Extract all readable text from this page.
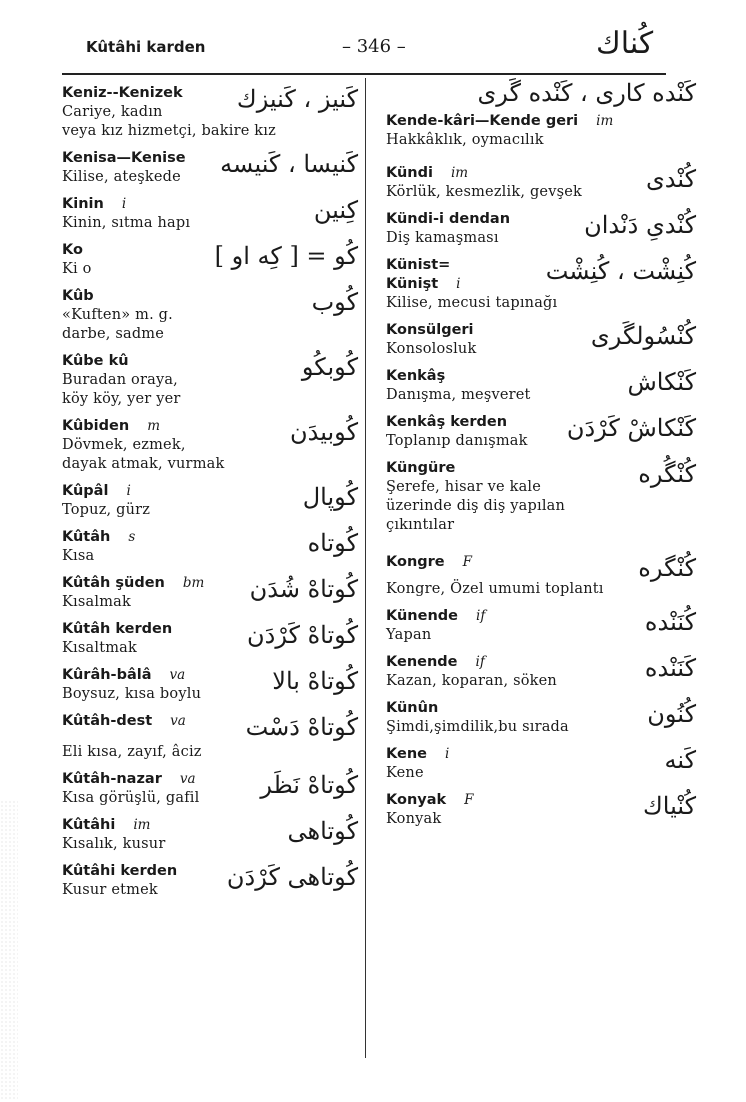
Kûtâhi karden	– 346 –	کُناك
Keniz--Kenizek
Cariye, kadın
veya kız hizmetçi, bakire kız
کَنیز ، کَنیزك
Kenisa—Kenise
Kilise, ateşkede	کَنیسا ، کَنیسه
Kinin i
Kinin, sıtma hapı	کِنین
Ko
Ki o	کُو = [ کِه او ]
Kûb
«Kuften» m. g.
darbe, sadme
کُوب
Kûbe kû
Buradan oraya,
köy köy, yer yer
کُوبکُو
Kûbiden m
Dövmek, ezmek,
dayak atmak, vurmak
کُوبیدَن
Kûpâl i
Topuz, gürz	کُوپال
Kûtâh s
Kısa	کُوتاه
Kûtâh şüden bm
Kısalmak	کُوتاهْ شُدَن
Kûtâh kerden
Kısaltmak	کُوتاهْ کَرْدَن
Kûrâh-bâlâ va
Boysuz, kısa boylu	کُوتاهْ بالا
Kûtâh-dest va
Eli kısa, zayıf, âciz
کُوتاهْ دَسْت
Kûtâh-nazar va
Kısa görüşlü, gafil	کُوتاهْ نَظَر
Kûtâhi im
Kısalık, kusur	کُوتاهی
Kûtâhi kerden
Kusur etmek	کُوتاهی کَرْدَن
Kende-kâri—Kende geri im
Hakkâklık, oymacılık
کَنْده کاری ، کَنْده گَری
Kündi im
Körlük, kesmezlik, gevşek	کُنْدی
Kündi-i dendan
Diş kamaşması	کُنْدیِ دَنْدان
Künist=	کُنِشْت ، کُنِشْت
Künişt i
Kilise, mecusi tapınağı
Konsülgeri
Konsolosluk	کُنْسُولگَری
Kenkâş
Danışma, meşveret	کَنْکاش
Kenkâş kerden
Toplanıp danışmak	کَنْکاشْ کَرْدَن
Küngüre
Şerefe, hisar ve kale
üzerinde diş diş yapılan
çıkıntılar
کُنْگُره
Kongre F
Kongre, Özel umumi toplantı
کُنْگره
Künende if
Yapan	کُنَنْده
Kenende if
Kazan, koparan, söken	کَنَنْده
Künûn
Şimdi,şimdilik,bu sırada	کُنُون
Kene i
Kene	کَنه
Konyak F
Konyak	کُنْیاك
